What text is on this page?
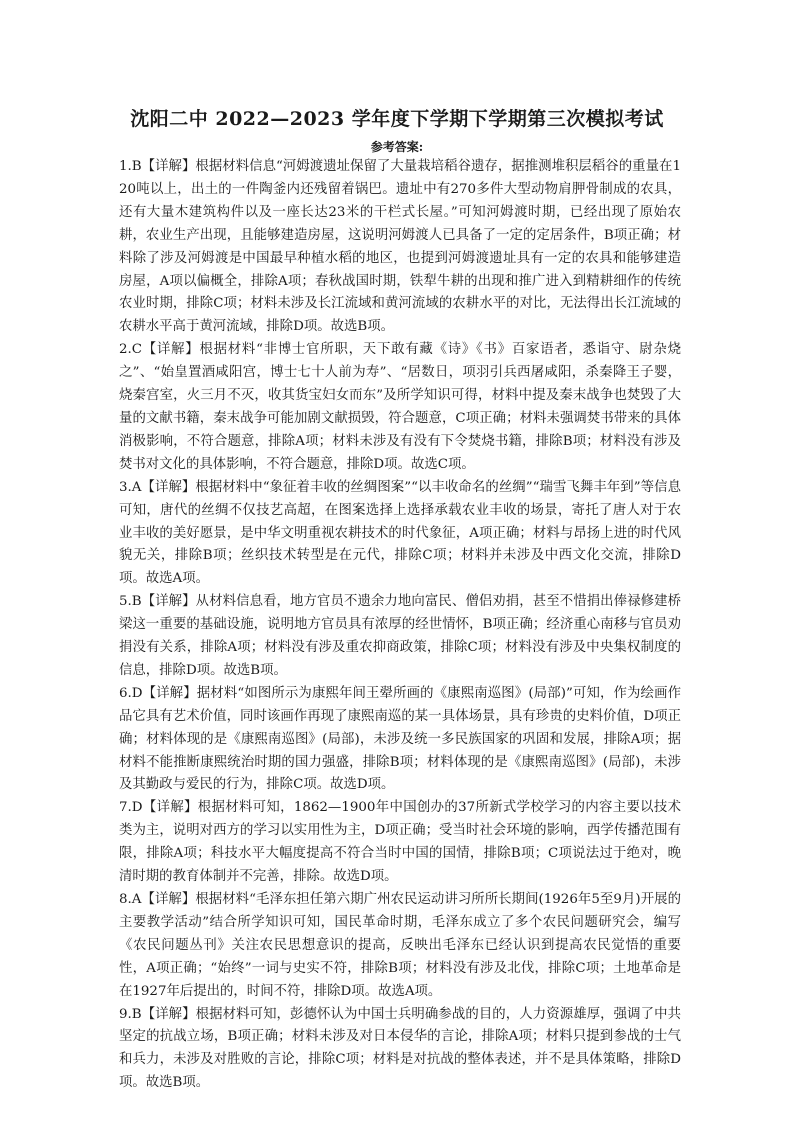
沈阳二中 2022—2023 学年度下学期下学期第三次模拟考试
参考答案:

1.B【详解】根据材料信息“河姆渡遗址保留了大量栽培稻谷遗存，据推测堆积层稻谷的重量在120吨以上，出土的一件陶釜内还残留着锅巴。遗址中有270多件大型动物肩胛骨制成的农具，还有大量木建筑构件以及一座长达23米的干栏式长屋。”可知河姆渡时期，已经出现了原始农耕，农业生产出现，且能够建造房屋，这说明河姆渡人已具备了一定的定居条件，B项正确；材料除了涉及河姆渡是中国最早种植水稻的地区，也提到河姆渡遗址具有一定的农具和能够建造房屋，A项以偏概全，排除A项；春秋战国时期，铁犁牛耕的出现和推广进入到精耕细作的传统农业时期，排除C项；材料未涉及长江流域和黄河流域的农耕水平的对比，无法得出长江流域的农耕水平高于黄河流域，排除D项。故选B项。

2.C【详解】根据材料“非博士官所职，天下敢有藏《诗》《书》百家语者，悉诣守、尉杂烧之”、“始皇置酒咸阳宫，博士七十人前为寿”、“居数日，项羽引兵西屠咸阳，杀秦降王子婴，烧秦宫室，火三月不灭，收其货宝妇女而东”及所学知识可得，材料中提及秦末战争也焚毁了大量的文献书籍，秦末战争可能加剧文献损毁，符合题意，C项正确；材料未强调焚书带来的具体消极影响，不符合题意，排除A项；材料未涉及有没有下令焚烧书籍，排除B项；材料没有涉及焚书对文化的具体影响，不符合题意，排除D项。故选C项。

3.A【详解】根据材料中“象征着丰收的丝绸图案”“以丰收命名的丝绸”“瑞雪飞舞丰年到”等信息可知，唐代的丝绸不仅技艺高超，在图案选择上选择承载农业丰收的场景，寄托了唐人对于农业丰收的美好愿景，是中华文明重视农耕技术的时代象征，A项正确；材料与昂扬上进的时代风貌无关，排除B项；丝织技术转型是在元代，排除C项；材料并未涉及中西文化交流，排除D项。故选A项。

5.B【详解】从材料信息看，地方官员不遗余力地向富民、僧侣劝捐，甚至不惜捐出俸禄修建桥梁这一重要的基础设施，说明地方官员具有浓厚的经世情怀，B项正确；经济重心南移与官员劝捐没有关系，排除A项；材料没有涉及重农抑商政策，排除C项；材料没有涉及中央集权制度的信息，排除D项。故选B项。

6.D【详解】据材料“如图所示为康熙年间王翚所画的《康熙南巡图》(局部)”可知，作为绘画作品它具有艺术价值，同时该画作再现了康熙南巡的某一具体场景，具有珍贵的史料价值，D项正确；材料体现的是《康熙南巡图》(局部)，未涉及统一多民族国家的巩固和发展，排除A项；据材料不能推断康熙统治时期的国力强盛，排除B项；材料体现的是《康熙南巡图》(局部)，未涉及其勤政与爱民的行为，排除C项。故选D项。

7.D【详解】根据材料可知，1862—1900年中国创办的37所新式学校学习的内容主要以技术类为主，说明对西方的学习以实用性为主，D项正确；受当时社会环境的影响，西学传播范围有限，排除A项；科技水平大幅度提高不符合当时中国的国情，排除B项；C项说法过于绝对，晚清时期的教育体制并不完善，排除。故选D项。

8.A【详解】根据材料“毛泽东担任第六期广州农民运动讲习所所长期间(1926年5至9月)开展的主要教学活动”结合所学知识可知，国民革命时期，毛泽东成立了多个农民问题研究会，编写《农民问题丛刊》关注农民思想意识的提高，反映出毛泽东已经认识到提高农民觉悟的重要性，A项正确；“始终”一词与史实不符，排除B项；材料没有涉及北伐，排除C项；土地革命是在1927年后提出的，时间不符，排除D项。故选A项。

9.B【详解】根据材料可知，彭德怀认为中国士兵明确参战的目的，人力资源雄厚，强调了中共坚定的抗战立场，B项正确；材料未涉及对日本侵华的言论，排除A项；材料只提到参战的士气和兵力，未涉及对胜败的言论，排除C项；材料是对抗战的整体表述，并不是具体策略，排除D项。故选B项。
